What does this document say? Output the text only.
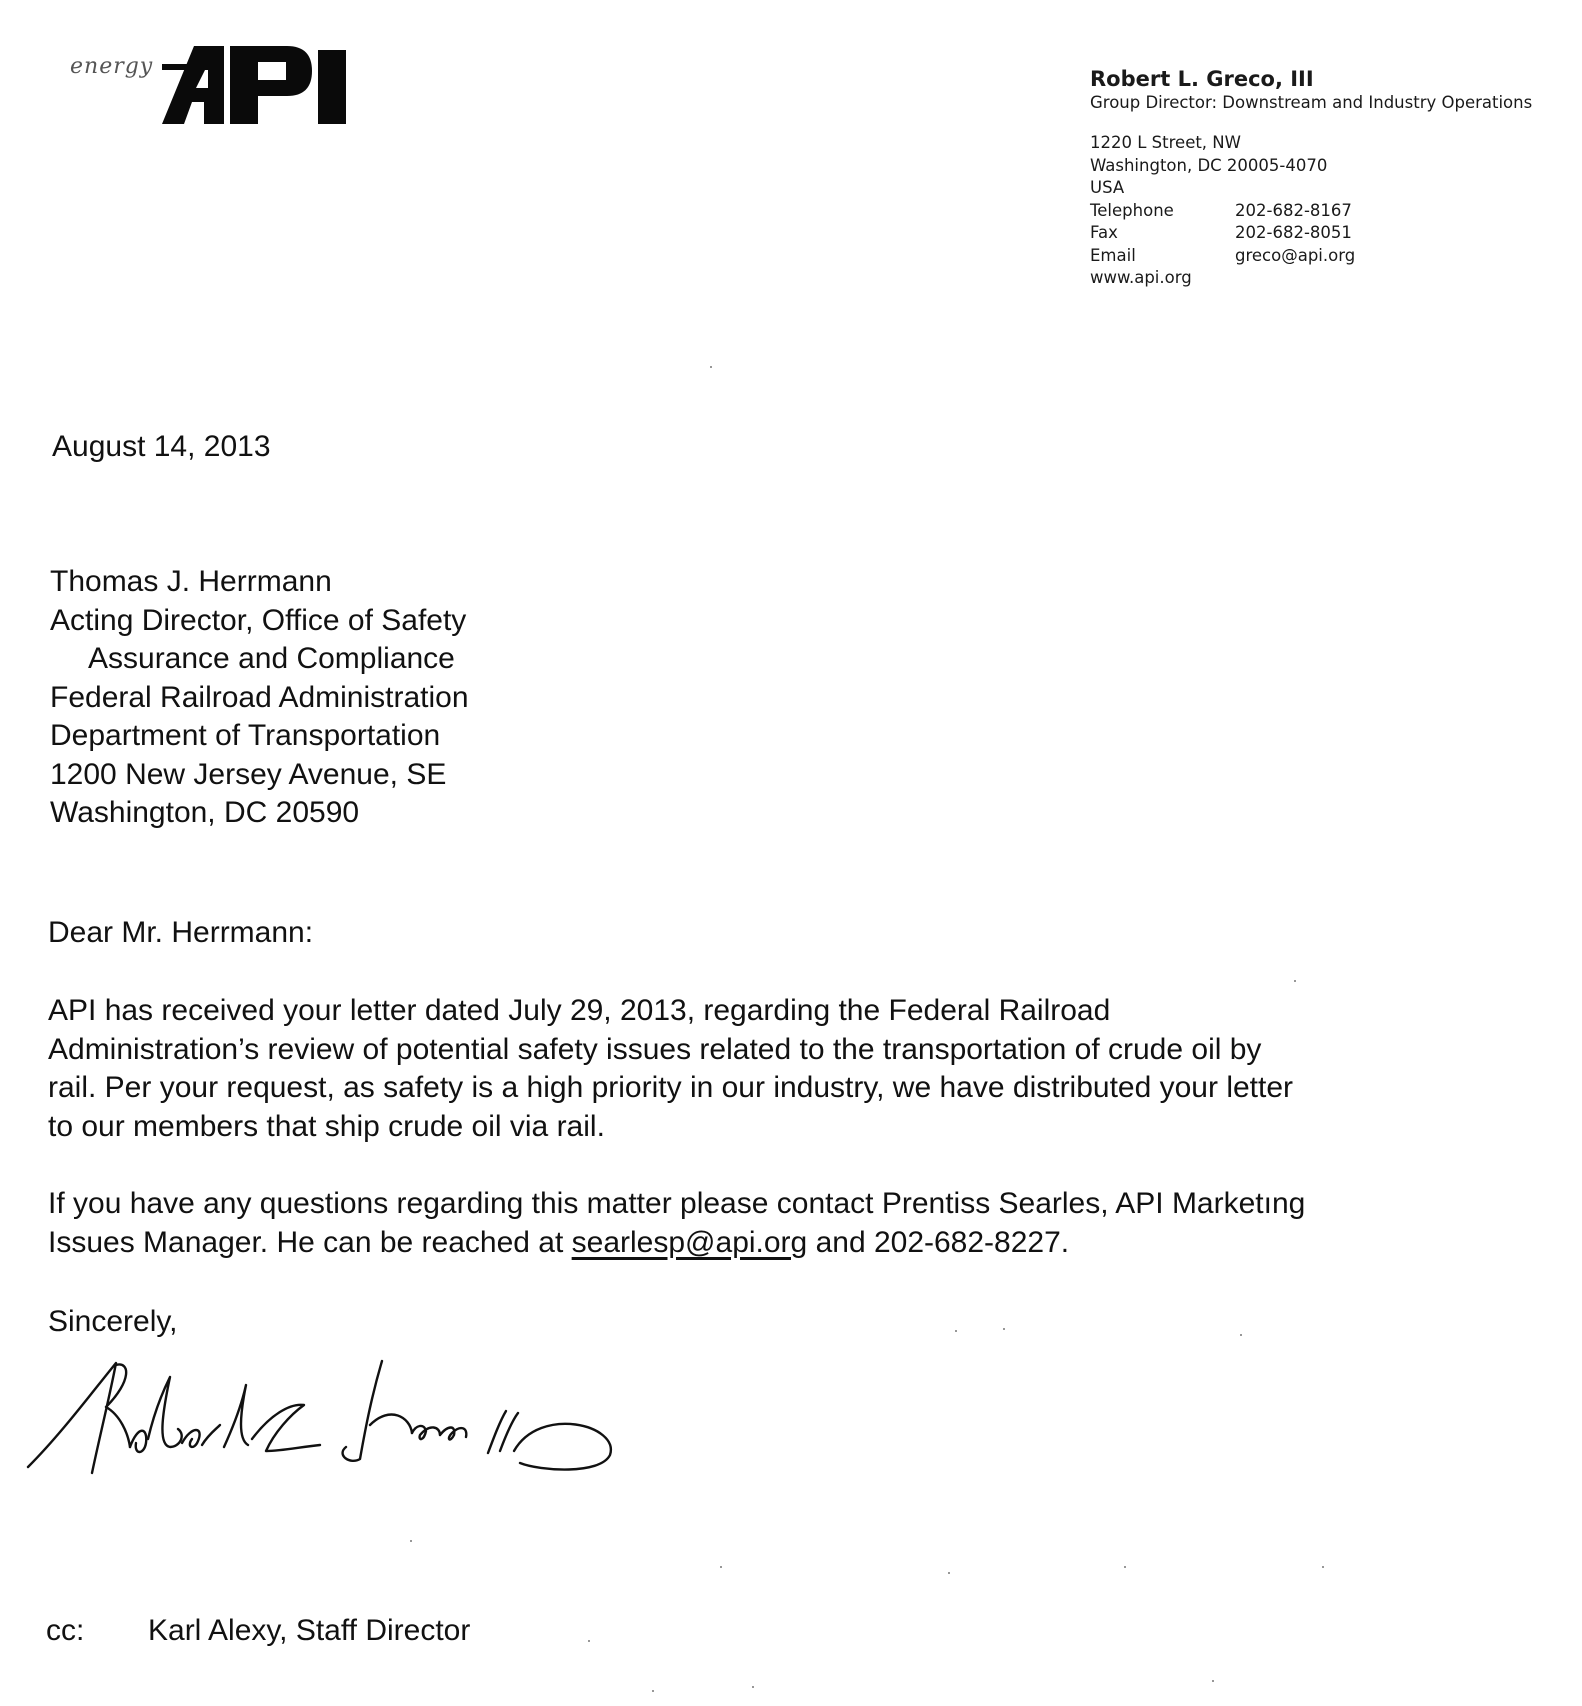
energy	Robert L. Greco, III
Group Director: Downstream and Industry Operations
1220 L Street, NW
Washington, DC 20005-4070
USA
Telephone	202-682-8167
Fax	202-682-8051
Email	greco@api.org
www.api.org
August 14, 2013
Thomas J. Herrmann
Acting Director, Office of Safety
Assurance and Compliance
Federal Railroad Administration
Department of Transportation
1200 New Jersey Avenue, SE
Washington, DC 20590
Dear Mr. Herrmann:
API has received your letter dated July 29, 2013, regarding the Federal Railroad
Administration’s review of potential safety issues related to the transportation of crude oil by
rail. Per your request, as safety is a high priority in our industry, we have distributed your letter
to our members that ship crude oil via rail.
If you have any questions regarding this matter please contact Prentiss Searles, API Marketıng
Issues Manager. He can be reached at searlesp@api.org and 202-682-8227.
Sincerely,
cc:	Karl Alexy, Staff Director
